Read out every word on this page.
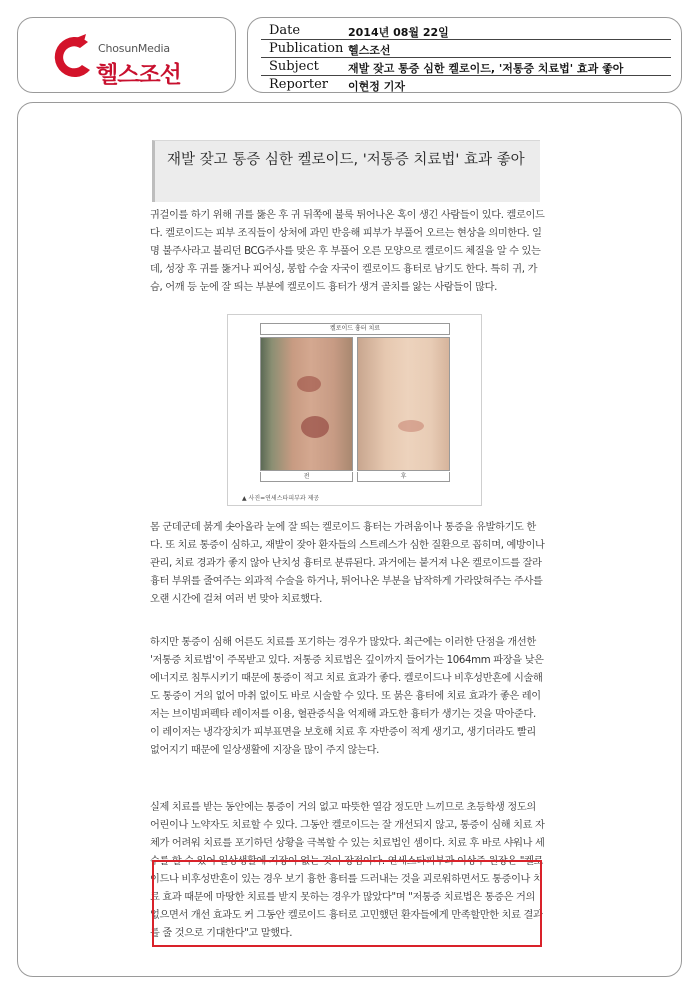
ChosunMedia
헬스조선
Date	2014년 08월 22일
Publication 헬스조선
Subject	재발 잦고 통증 심한 켈로이드, '저통증 치료법' 효과 좋아
Reporter 이현정 기자
재발 잦고 통증 심한 켈로이드, '저통증 치료법' 효과 좋아

귀걸이를 하기 위해 귀를 뚫은 후 귀 뒤쪽에 불룩 튀어나온 혹이 생긴 사람들이 있다. 켈로이드다. 켈로이드는 피부 조직들이 상처에 과민 반응해 피부가 부풀어 오르는 현상을 의미한다. 일명 불주사라고 불리던 BCG주사를 맞은 후 부풀어 오른 모양으로 켈로이드 체질을 알 수 있는데, 성장 후 귀를 뚫거나 피어싱, 봉합 수술 자국이 켈로이드 흉터로 남기도 한다. 특히 귀, 가슴, 어깨 등 눈에 잘 띄는 부분에 켈로이드 흉터가 생겨 골치를 앓는 사람들이 많다.

켈로이드 흉터 치료
전	후
▲ 사진=연세스타피부과 제공

몸 군데군데 붉게 솟아올라 눈에 잘 띄는 켈로이드 흉터는 가려움이나 통증을 유발하기도 한다. 또 치료 통증이 심하고, 재발이 잦아 환자들의 스트레스가 심한 질환으로 꼽히며, 예방이나 관리, 치료 경과가 좋지 않아 난치성 흉터로 분류된다. 과거에는 붙거져 나온 켈로이드를 잘라 흉터 부위를 줄여주는 외과적 수술을 하거나, 튀어나온 부분을 납작하게 가라앉혀주는 주사를 오랜 시간에 걸쳐 여러 번 맞아 치료했다.

하지만 통증이 심해 어른도 치료를 포기하는 경우가 많았다. 최근에는 이러한 단점을 개선한 '저통증 치료법'이 주목받고 있다. 저통증 치료법은 깊이까지 들어가는 1064mm 파장을 낮은 에너지로 침투시키기 때문에 통증이 적고 치료 효과가 좋다. 켈로이드나 비후성반흔에 시술해도 통증이 거의 없어 마취 없이도 바로 시술할 수 있다. 또 붉은 흉터에 치료 효과가 좋은 레이저는 브이빔퍼펙타 레이저를 이용, 혈관증식을 억제해 과도한 흉터가 생기는 것을 막아준다. 이 레이저는 냉각장치가 피부표면을 보호해 치료 후 자반증이 적게 생기고, 생기더라도 빨리 없어지기 때문에 일상생활에 지장을 많이 주지 않는다.

실제 치료를 받는 동안에는 통증이 거의 없고 따뜻한 열감 정도만 느끼므로 초등학생 정도의 어린이나 노약자도 치료할 수 있다. 그동안 켈로이드는 잘 개선되지 않고, 통증이 심해 치료 자체가 어려워 치료를 포기하던 상황을 극복할 수 있는 치료법인 셈이다. 치료 후 바로 샤워나 세수를 할 수 있어 일상생활에 지장이 없는 것이 장점이다. 연세스타피부과 이상주 원장은 "켈로이드나 비후성반흔이 있는 경우 보기 흉한 흉터를 드러내는 것을 괴로워하면서도 통증이나 치료 효과 때문에 마땅한 치료를 받지 못하는 경우가 많았다"며 "저통증 치료법은 통증은 거의 없으면서 개선 효과도 커 그동안 켈로이드 흉터로 고민했던 환자들에게 만족할만한 치료 결과를 줄 것으로 기대한다"고 말했다.
